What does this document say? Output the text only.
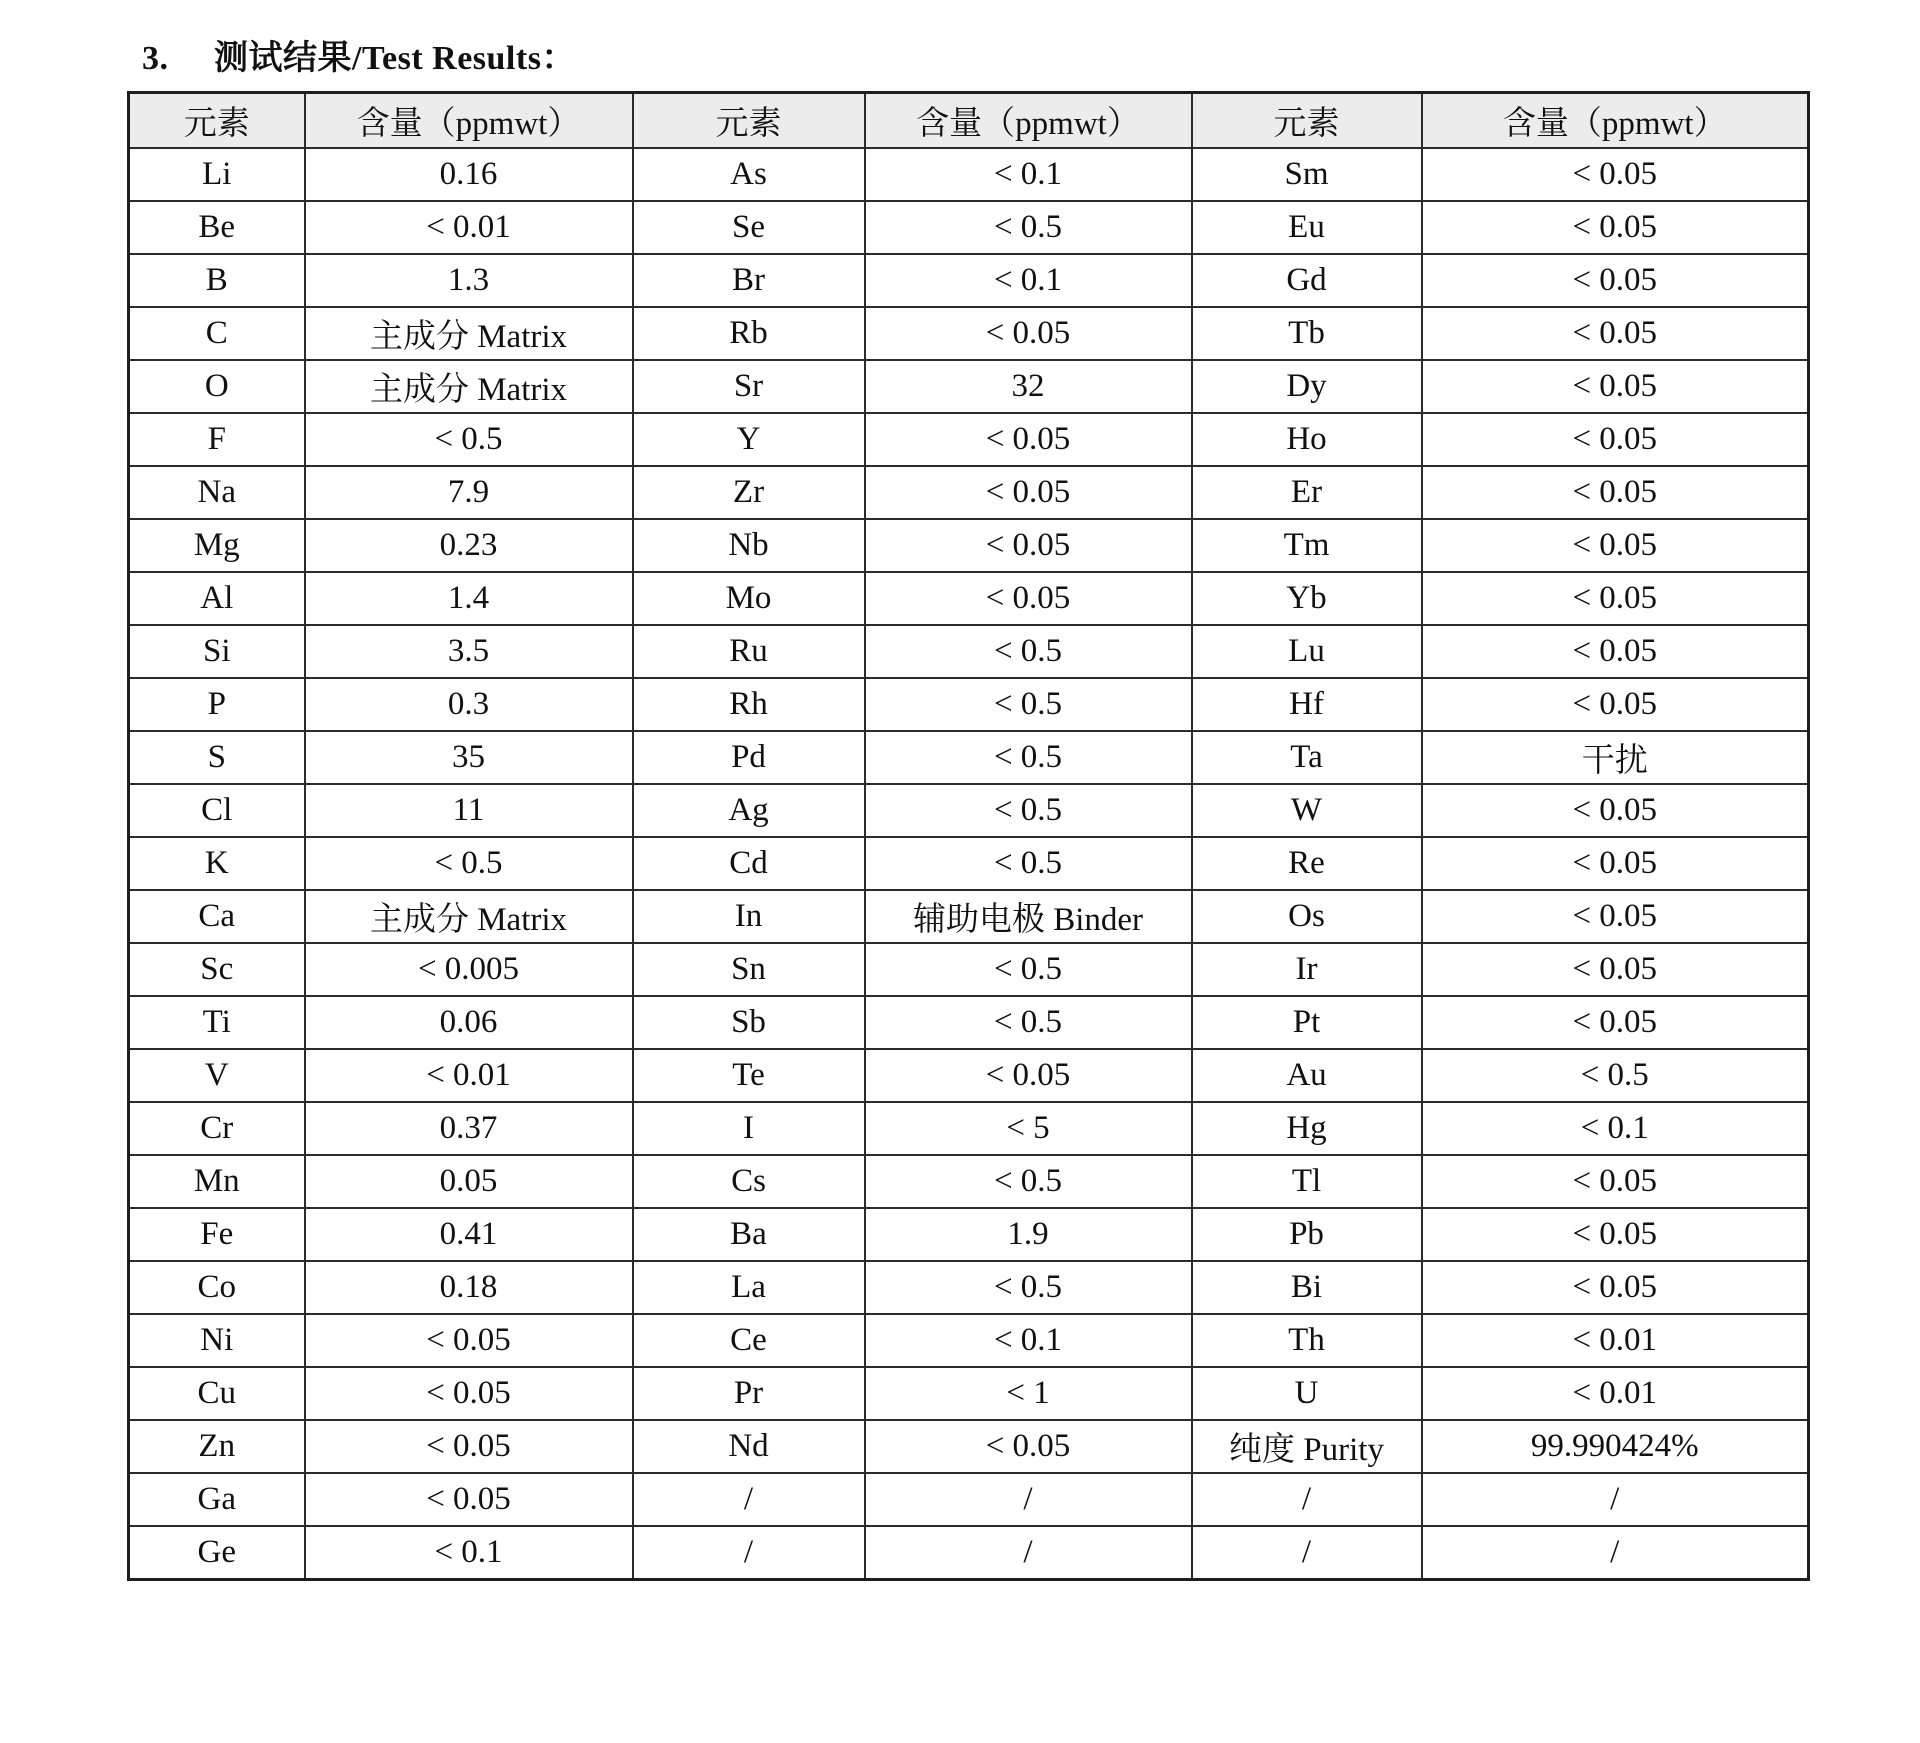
3. 测试结果/Test Results：
元素	含量（ppmwt）	元素	含量（ppmwt）	元素	含量（ppmwt）
Li	0.16	As	< 0.1	Sm	< 0.05
Be	< 0.01	Se	< 0.5	Eu	< 0.05
B	1.3	Br	< 0.1	Gd	< 0.05
C	主成分 Matrix	Rb	< 0.05	Tb	< 0.05
O	主成分 Matrix	Sr	32	Dy	< 0.05
F	< 0.5	Y	< 0.05	Ho	< 0.05
Na	7.9	Zr	< 0.05	Er	< 0.05
Mg	0.23	Nb	< 0.05	Tm	< 0.05
Al	1.4	Mo	< 0.05	Yb	< 0.05
Si	3.5	Ru	< 0.5	Lu	< 0.05
P	0.3	Rh	< 0.5	Hf	< 0.05
S	35	Pd	< 0.5	Ta	干扰
Cl	11	Ag	< 0.5	W	< 0.05
K	< 0.5	Cd	< 0.5	Re	< 0.05
Ca	主成分 Matrix	In	辅助电极 Binder	Os	< 0.05
Sc	< 0.005	Sn	< 0.5	Ir	< 0.05
Ti	0.06	Sb	< 0.5	Pt	< 0.05
V	< 0.01	Te	< 0.05	Au	< 0.5
Cr	0.37	I	< 5	Hg	< 0.1
Mn	0.05	Cs	< 0.5	Tl	< 0.05
Fe	0.41	Ba	1.9	Pb	< 0.05
Co	0.18	La	< 0.5	Bi	< 0.05
Ni	< 0.05	Ce	< 0.1	Th	< 0.01
Cu	< 0.05	Pr	< 1	U	< 0.01
Zn	< 0.05	Nd	< 0.05	纯度 Purity	99.990424%
Ga	< 0.05	/	/	/	/
Ge	< 0.1	/	/	/	/
